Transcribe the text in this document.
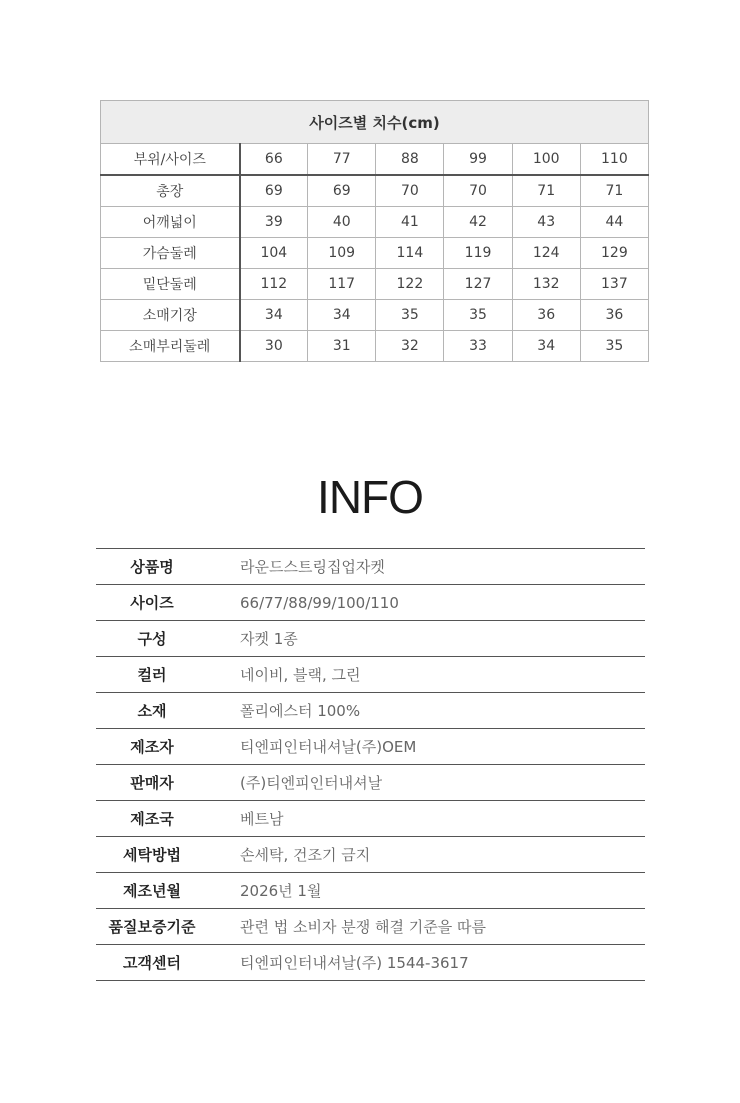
사이즈별 치수(cm)						
부위/사이즈	66	77	88	99	100	110
총장	69	69	70	70	71	71
어깨넓이	39	40	41	42	43	44
가슴둘레	104	109	114	119	124	129
밑단둘레	112	117	122	127	132	137
소매기장	34	34	35	35	36	36
소매부리둘레	30	31	32	33	34	35
INFO
상품명	라운드스트링집업자켓
사이즈	66/77/88/99/100/110
구성	자켓 1종
컬러	네이비, 블랙, 그린
소재	폴리에스터 100%
제조자	티엔피인터내셔날(주)OEM
판매자	(주)티엔피인터내셔날
제조국	베트남
세탁방법	손세탁, 건조기 금지
제조년월	2026년 1월
품질보증기준	관련 법 소비자 분쟁 해결 기준을 따름
고객센터	티엔피인터내셔날(주) 1544-3617
